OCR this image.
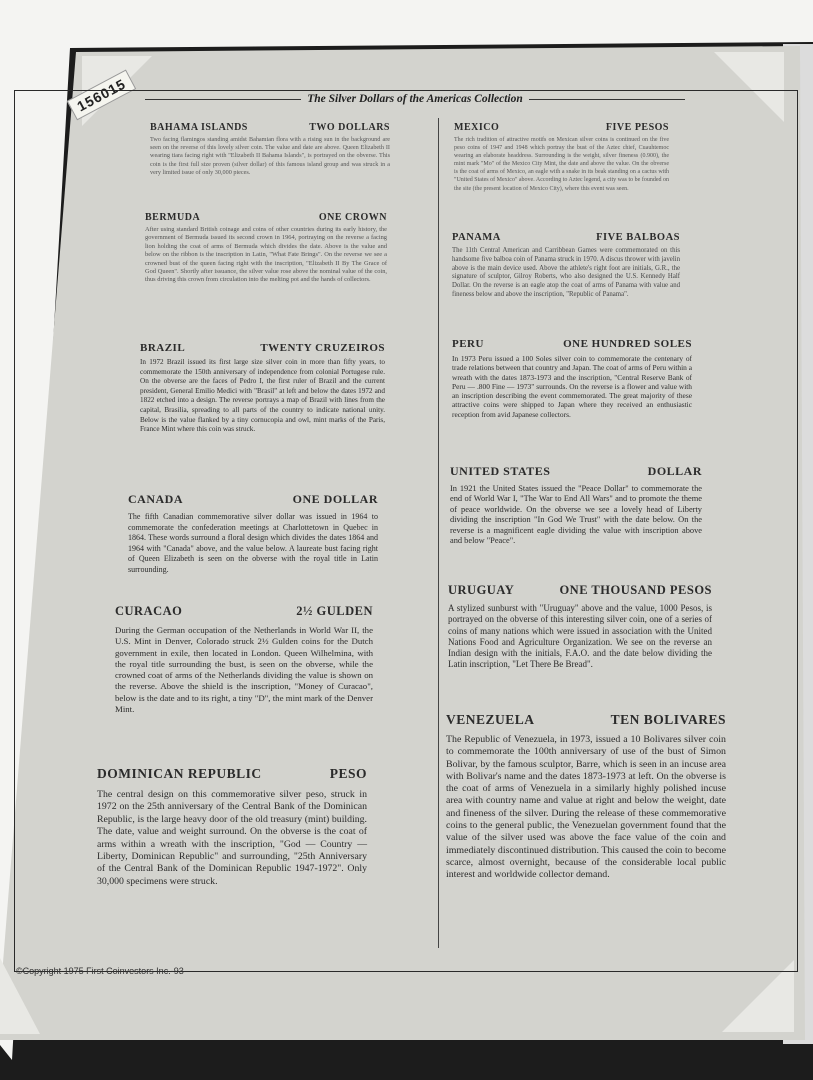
156015	The Silver Dollars of the Americas Collection
BAHAMA ISLANDS	TWO DOLLARS
Two facing flamingos standing amidst Bahamian flora with a rising sun in the background are seen on the reverse of this lovely silver coin. The value and date are above. Queen Elizabeth II wearing tiara facing right with "Elizabeth II Bahama Islands", is portrayed on the obverse. This coin is the first full size proven (silver dollar) of this famous island group and was struck in a very limited issue of only 30,000 pieces.
BERMUDA	ONE CROWN
After using standard British coinage and coins of other countries during its early history, the government of Bermuda issued its second crown in 1964, portraying on the reverse a facing lion holding the coat of arms of Bermuda which divides the date. Above is the value and below on the ribbon is the inscription in Latin, "What Fate Brings". On the reverse we see a crowned bust of the queen facing right with the inscription, "Elizabeth II By The Grace of God Queen". Shortly after issuance, the silver value rose above the nominal value of the coin, thus driving this crown from circulation into the melting pot and the hands of collectors.
BRAZIL	TWENTY CRUZEIROS
In 1972 Brazil issued its first large size silver coin in more than fifty years, to commemorate the 150th anniversary of independence from colonial Portugese rule. On the obverse are the faces of Pedro I, the first ruler of Brazil and the current president, General Emilio Medici with "Brasil" at left and below the dates 1972 and 1822 etched into a design. The reverse portrays a map of Brazil with lines from the capital, Brasilia, spreading to all parts of the country to indicate national unity. Below is the value flanked by a tiny cornucopia and owl, mint marks of the Paris, France Mint where this coin was struck.
CANADA	ONE DOLLAR
The fifth Canadian commemorative silver dollar was issued in 1964 to commemorate the confederation meetings at Charlottetown in Quebec in 1864. These words surround a floral design which divides the dates 1864 and 1964 with "Canada" above, and the value below. A laureate bust facing right of Queen Elizabeth is seen on the obverse with the royal title in Latin surrounding.
CURACAO	2½ GULDEN
During the German occupation of the Netherlands in World War II, the U.S. Mint in Denver, Colorado struck 2½ Gulden coins for the Dutch government in exile, then located in London. Queen Wilhelmina, with the royal title surrounding the bust, is seen on the obverse, while the crowned coat of arms of the Netherlands dividing the value is shown on the reverse. Above the shield is the inscription, "Money of Curacao", below is the date and to its right, a tiny "D", the mint mark of the Denver Mint.
DOMINICAN REPUBLIC	PESO
The central design on this commemorative silver peso, struck in 1972 on the 25th anniversary of the Central Bank of the Dominican Republic, is the large heavy door of the old treasury (mint) building. The date, value and weight surround. On the obverse is the coat of arms within a wreath with the inscription, "God — Country — Liberty, Dominican Republic" and surrounding, "25th Anniversary of the Central Bank of the Dominican Republic 1947-1972". Only 30,000 specimens were struck.
MEXICO	FIVE PESOS
The rich tradition of attractive motifs on Mexican silver coins is continued on the five peso coins of 1947 and 1948 which portray the bust of the Aztec chief, Cuauhtemoc wearing an elaborate headdress. Surrounding is the weight, silver fineness (0.900), the mint mark "Mo" of the Mexico City Mint, the date and above the value. On the obverse is the coat of arms of Mexico, an eagle with a snake in its beak standing on a cactus with "United States of Mexico" above. According to Aztec legend, a city was to be founded on the site (the present location of Mexico City), where this event was seen.
PANAMA	FIVE BALBOAS
The 11th Central American and Carribbean Games were commemorated on this handsome five balboa coin of Panama struck in 1970. A discus thrower with javelin above is the main device used. Above the athlete's right foot are initials, G.R., the signature of sculptor, Gilroy Roberts, who also designed the U.S. Kennedy Half Dollar. On the reverse is an eagle atop the coat of arms of Panama with value and fineness below and above the inscription, "Republic of Panama".
PERU	ONE HUNDRED SOLES
In 1973 Peru issued a 100 Soles silver coin to commemorate the centenary of trade relations between that country and Japan. The coat of arms of Peru within a wreath with the dates 1873-1973 and the inscription, "Central Reserve Bank of Peru — .800 Fine — 1973" surrounds. On the reverse is a flower and value with an inscription describing the event commemorated. The great majority of these attractive coins were shipped to Japan where they received an enthusiastic reception from avid Japanese collectors.
UNITED STATES	DOLLAR
In 1921 the United States issued the "Peace Dollar" to commemorate the end of World War I, "The War to End All Wars" and to promote the theme of peace worldwide. On the obverse we see a lovely head of Liberty dividing the inscription "In God We Trust" with the date below. On the reverse is a magnificent eagle dividing the value with inscription above and below "Peace".
URUGUAY	ONE THOUSAND PESOS
A stylized sunburst with "Uruguay" above and the value, 1000 Pesos, is portrayed on the obverse of this interesting silver coin, one of a series of coins of many nations which were issued in association with the United Nations Food and Agriculture Organization. We see on the reverse an Indian design with the initials, F.A.O. and the date below dividing the Latin inscription, "Let There Be Bread".
VENEZUELA	TEN BOLIVARES
The Republic of Venezuela, in 1973, issued a 10 Bolivares silver coin to commemorate the 100th anniversary of use of the bust of Simon Bolivar, by the famous sculptor, Barre, which is seen in an incuse area with Bolivar's name and the dates 1873-1973 at left. On the obverse is the coat of arms of Venezuela in a similarly highly polished incuse area with country name and value at right and below the weight, date and fineness of the silver. During the release of these commemorative coins to the general public, the Venezuelan government found that the value of the silver used was above the face value of the coin and immediately discontinued distribution. This caused the coin to become scarce, almost overnight, because of the considerable local public interest and worldwide collector demand.
©Copyright 1975 First Coinvestors Inc.-93
